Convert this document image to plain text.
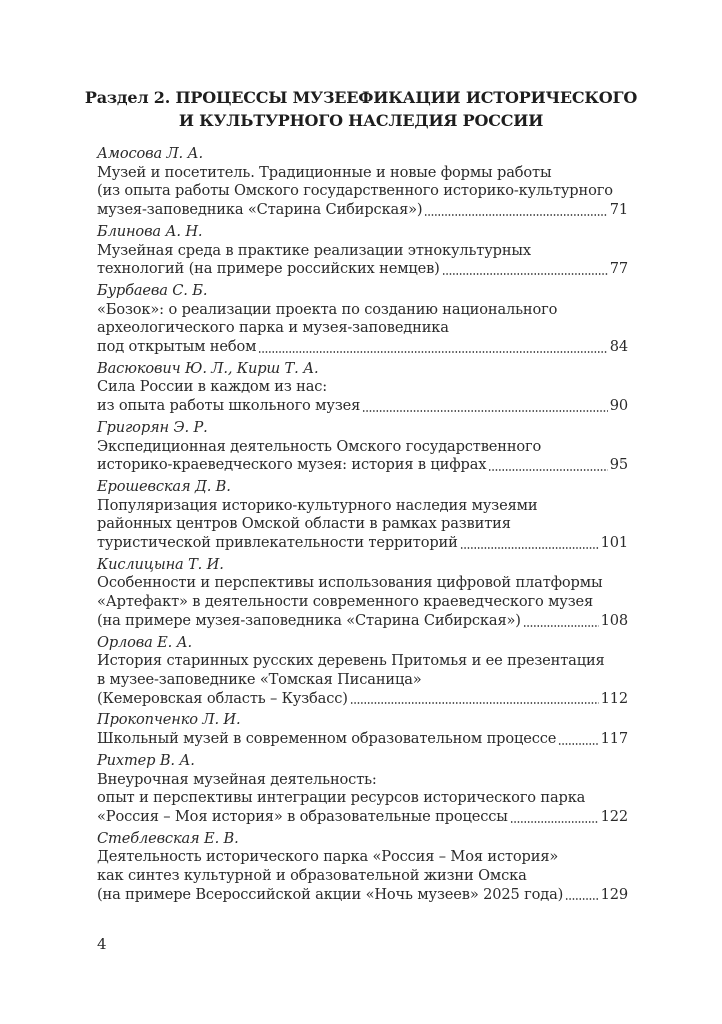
Раздел 2. ПРОЦЕССЫ МУЗЕЕФИКАЦИИ ИСТОРИЧЕСКОГО
И КУЛЬТУРНОГО НАСЛЕДИЯ РОССИИ
Амосова Л. А.
Музей и посетитель. Традиционные и новые формы работы
(из опыта работы Омского государственного историко-культурного
музея-заповедника «Старина Сибирская»)	71
Блинова А. Н.
Музейная среда в практике реализации этнокультурных
технологий (на примере российских немцев)	77
Бурбаева С. Б.
«Бозок»: о реализации проекта по созданию национального
археологического парка и музея-заповедника
под открытым небом	84
Васюкович Ю. Л., Кирш Т. А.
Сила России в каждом из нас:
из опыта работы школьного музея	90
Григорян Э. Р.
Экспедиционная деятельность Омского государственного
историко-краеведческого музея: история в цифрах	95
Ерошевская Д. В.
Популяризация историко-культурного наследия музеями
районных центров Омской области в рамках развития
туристической привлекательности территорий	101
Кислицына Т. И.
Особенности и перспективы использования цифровой платформы
«Артефакт» в деятельности современного краеведческого музея
(на примере музея-заповедника «Старина Сибирская»)	108
Орлова Е. А.
История старинных русских деревень Притомья и ее презентация
в музее-заповеднике «Томская Писаница»
(Кемеровская область – Кузбасс)	112
Прокопченко Л. И.
Школьный музей в современном образовательном процессе	117
Рихтер В. А.
Внеурочная музейная деятельность:
опыт и перспективы интеграции ресурсов исторического парка
«Россия – Моя история» в образовательные процессы	122
Стеблевская Е. В.
Деятельность исторического парка «Россия – Моя история»
как синтез культурной и образовательной жизни Омска
(на примере Всероссийской акции «Ночь музеев» 2025 года)	129
4
